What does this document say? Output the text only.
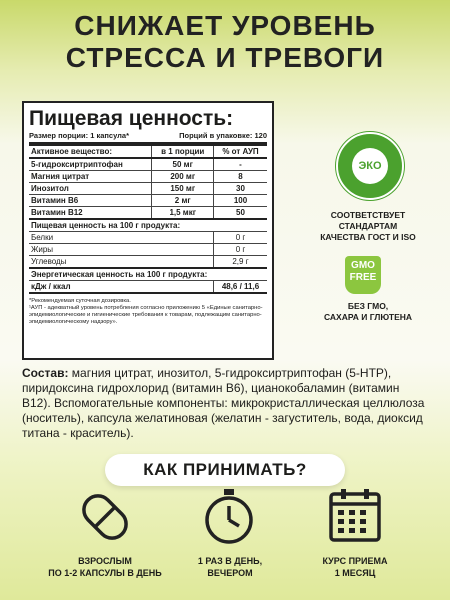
СНИЖАЕТ УРОВЕНЬ
СТРЕССА И ТРЕВОГИ
Пищевая ценность:
Размер порции: 1 капсула*	Порций в упаковке: 120
Активное вещество:	в 1 порции	% от АУП
5-гидроксиртриптофан	50 мг	-
Магния цитрат	200 мг	8
Инозитол	150 мг	30
Витамин B6	2 мг	100
Витамин B12	1,5 мкг	50
Пищевая ценность на 100 г продукта:		
Белки		0 г
Жиры		0 г
Углеводы		2,9 г
Энергетическая ценность на 100 г продукта:		
кДж / ккал		48,6 / 11,6
*Рекомендуемая суточная дозировка.
¹АУП - адекватный уровень потребления согласно приложению 5 «Единые санитарно-эпидемиологические и гигиенические требования к товарам, подлежащим санитарно-эпидемиологическому надзору».
ЭКО
СООТВЕТСТВУЕТ
СТАНДАРТАМ
КАЧЕСТВА ГОСТ И ISO
GMO
FREE
БЕЗ ГМО,
САХАРА И ГЛЮТЕНА
Состав: магния цитрат, инозитол, 5-гидроксиртриптофан (5-HTP), пиридоксина гидрохлорид (витамин B6), цианокобаламин (витамин B12). Вспомогательные компоненты: микрокристаллическая целлюлоза (носитель), капсула желатиновая (желатин - загуститель, вода, диоксид титана - краситель).
КАК ПРИНИМАТЬ?
ВЗРОСЛЫМ
ПО 1-2 КАПСУЛЫ В ДЕНЬ
1 РАЗ В ДЕНЬ,
ВЕЧЕРОМ
КУРС ПРИЕМА
1 МЕСЯЦ
